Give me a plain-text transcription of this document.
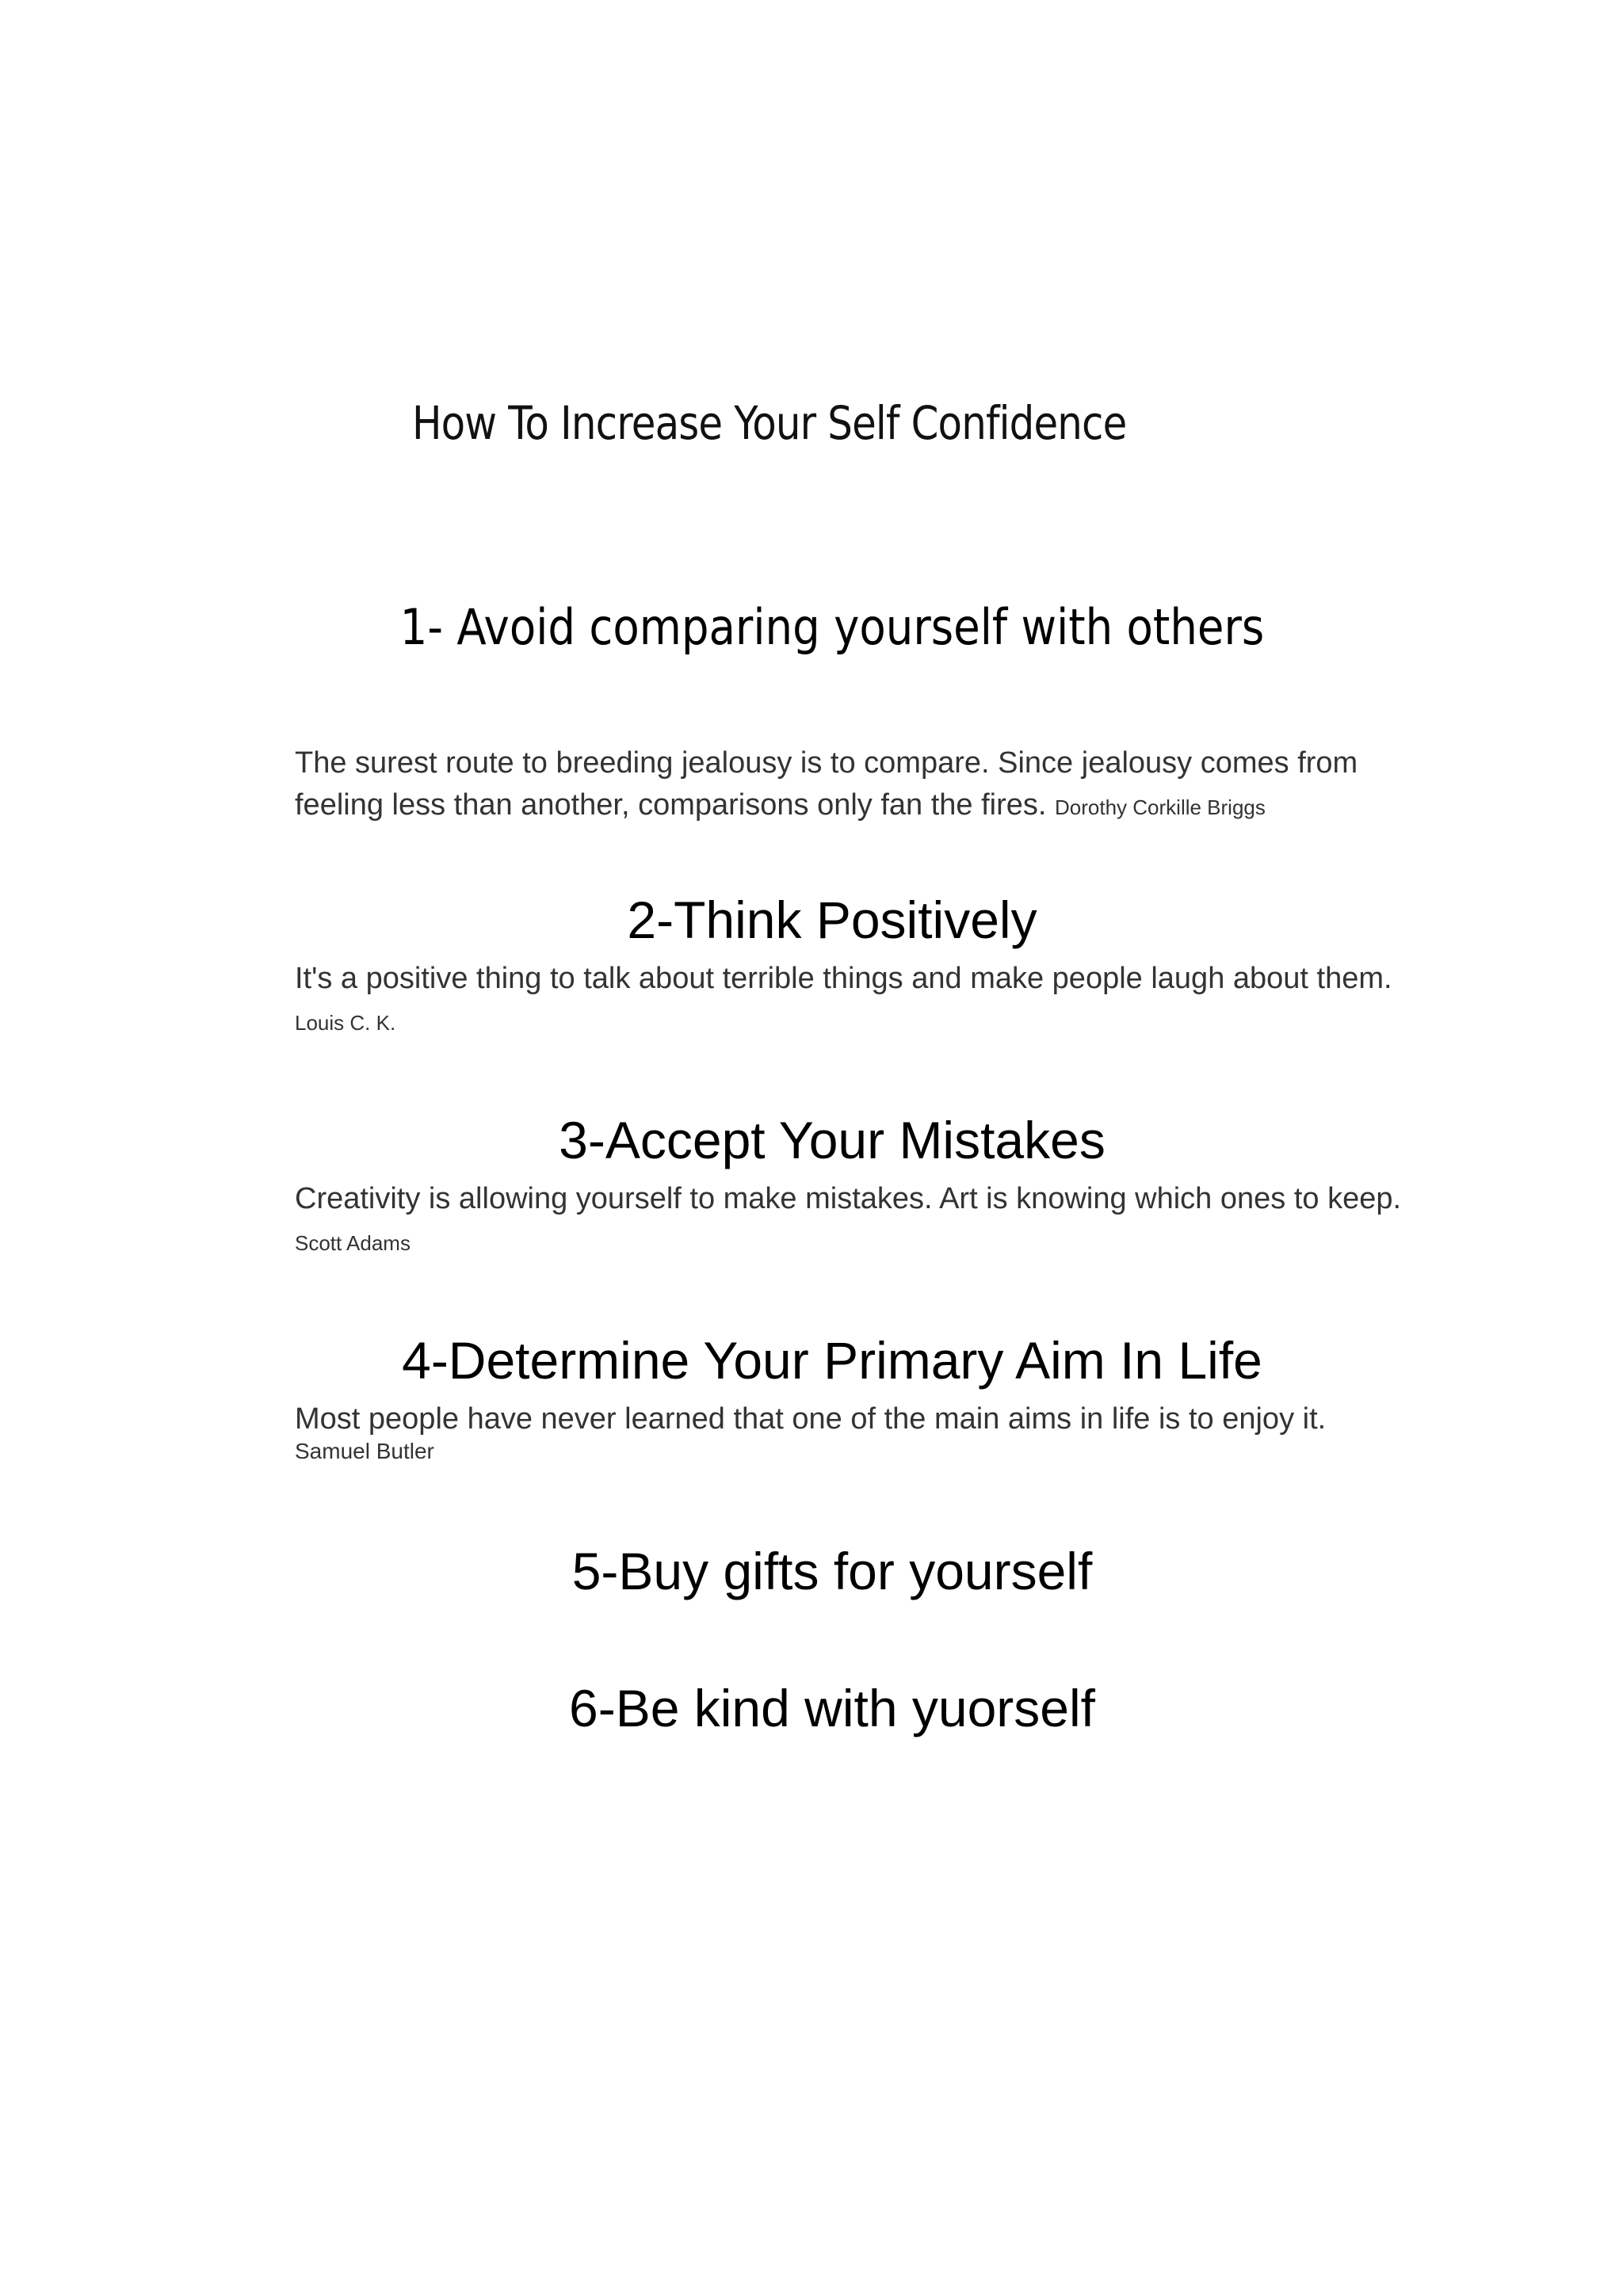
How To Increase Your Self Confidence
1- Avoid comparing yourself with others

The surest route to breeding jealousy is to compare. Since jealousy comes from feeling less than another, comparisons only fan the fires. Dorothy Corkille Briggs

2-Think Positively

It's a positive thing to talk about terrible things and make people laugh about them. Louis C. K.

3-Accept Your Mistakes

Creativity is allowing yourself to make mistakes. Art is knowing which ones to keep. Scott Adams

4-Determine Your Primary Aim In Life

Most people have never learned that one of the main aims in life is to enjoy it.

Samuel Butler

5-Buy gifts for yourself
6-Be kind with yuorself
